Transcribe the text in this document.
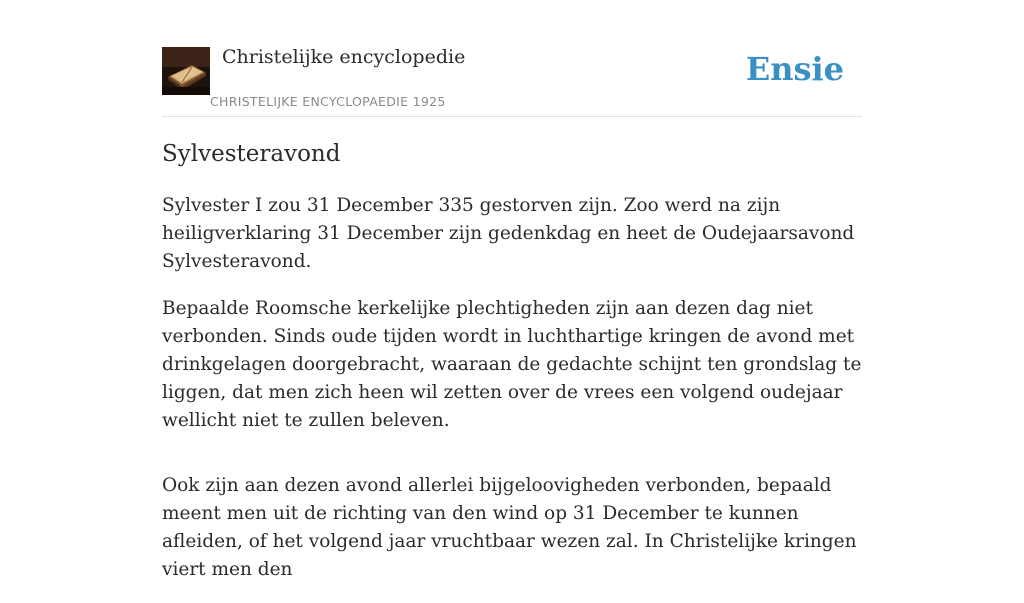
Christelijke encyclopedie
CHRISTELIJKE ENCYCLOPAEDIE 1925
Ensie
Sylvesteravond

Sylvester I zou 31 December 335 gestorven zijn. Zoo werd na zijn heiligverklaring 31 December zijn gedenkdag en heet de Oudejaarsavond Sylvesteravond.

Bepaalde Roomsche kerkelijke plechtigheden zijn aan dezen dag niet verbonden. Sinds oude tijden wordt in luchthartige kringen de avond met drinkgelagen doorgebracht, waaraan de gedachte schijnt ten grondslag te liggen, dat men zich heen wil zetten over de vrees een volgend oudejaar wellicht niet te zullen beleven.

Ook zijn aan dezen avond allerlei bijgeloovigheden verbonden, bepaald meent men uit de richting van den wind op 31 December te kunnen afleiden, of het volgend jaar vruchtbaar wezen zal. In Christelijke kringen viert men den
